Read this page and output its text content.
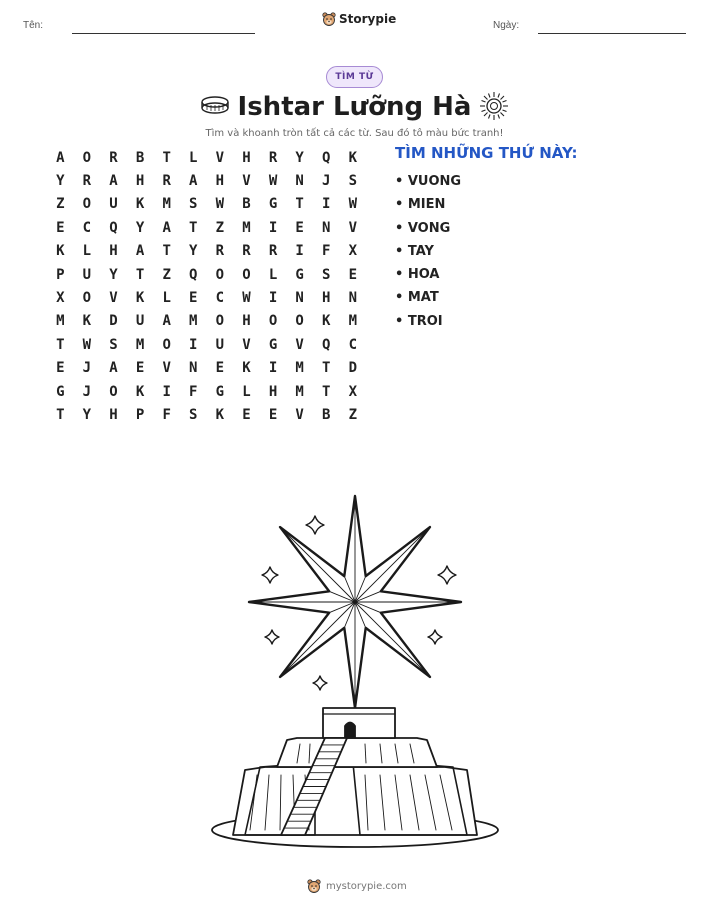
Tên:	Storypie	Ngày:
TÌM TỪ
Ishtar Lưỡng Hà
Tìm và khoanh tròn tất cả các từ. Sau đó tô màu bức tranh!
A	O	R	B	T	L	V	H	R	Y	Q	K
Y	R	A	H	R	A	H	V	W	N	J	S
Z	O	U	K	M	S	W	B	G	T	I	W
E	C	Q	Y	A	T	Z	M	I	E	N	V
K	L	H	A	T	Y	R	R	R	I	F	X
P	U	Y	T	Z	Q	O	O	L	G	S	E
X	O	V	K	L	E	C	W	I	N	H	N
M	K	D	U	A	M	O	H	O	O	K	M
T	W	S	M	O	I	U	V	G	V	Q	C
E	J	A	E	V	N	E	K	I	M	T	D
G	J	O	K	I	F	G	L	H	M	T	X
T	Y	H	P	F	S	K	E	E	V	B	Z
TÌM NHỮNG THỨ NÀY:
• VUONG
• MIEN
• VONG
• TAY
• HOA
• MAT
• TROI
mystorypie.com
